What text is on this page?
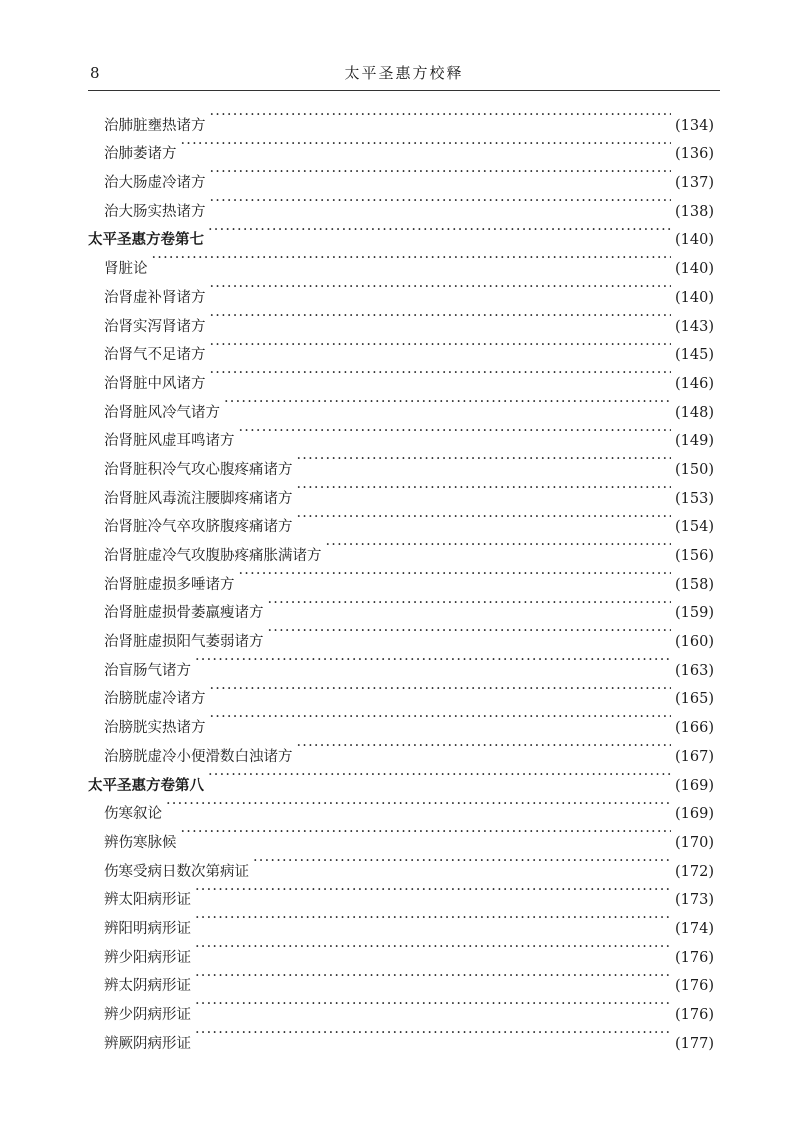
8	太平圣惠方校释
治肺脏壅热诸方 ·····	(134)
治肺萎诸方 ·····	(136)
治大肠虚冷诸方 ·····	(137)
治大肠实热诸方 ·····	(138)
太平圣惠方卷第七 ·····	(140)
肾脏论 ·····	(140)
治肾虚补肾诸方 ·····	(140)
治肾实泻肾诸方 ·····	(143)
治肾气不足诸方 ·····	(145)
治肾脏中风诸方 ·····	(146)
治肾脏风冷气诸方 ·····	(148)
治肾脏风虚耳鸣诸方 ·····	(149)
治肾脏积冷气攻心腹疼痛诸方 ·····	(150)
治肾脏风毒流注腰脚疼痛诸方 ·····	(153)
治肾脏冷气卒攻脐腹疼痛诸方 ·····	(154)
治肾脏虚冷气攻腹胁疼痛胀满诸方 ·····	(156)
治肾脏虚损多唾诸方 ·····	(158)
治肾脏虚损骨萎羸瘦诸方 ·····	(159)
治肾脏虚损阳气萎弱诸方 ·····	(160)
治盲肠气诸方 ·····	(163)
治膀胱虚冷诸方 ·····	(165)
治膀胱实热诸方 ·····	(166)
治膀胱虚冷小便滑数白浊诸方 ·····	(167)
太平圣惠方卷第八 ·····	(169)
伤寒叙论 ·····	(169)
辨伤寒脉候 ·····	(170)
伤寒受病日数次第病证 ·····	(172)
辨太阳病形证 ·····	(173)
辨阳明病形证 ·····	(174)
辨少阳病形证 ·····	(176)
辨太阴病形证 ·····	(176)
辨少阴病形证 ·····	(176)
辨厥阴病形证 ·····	(177)
